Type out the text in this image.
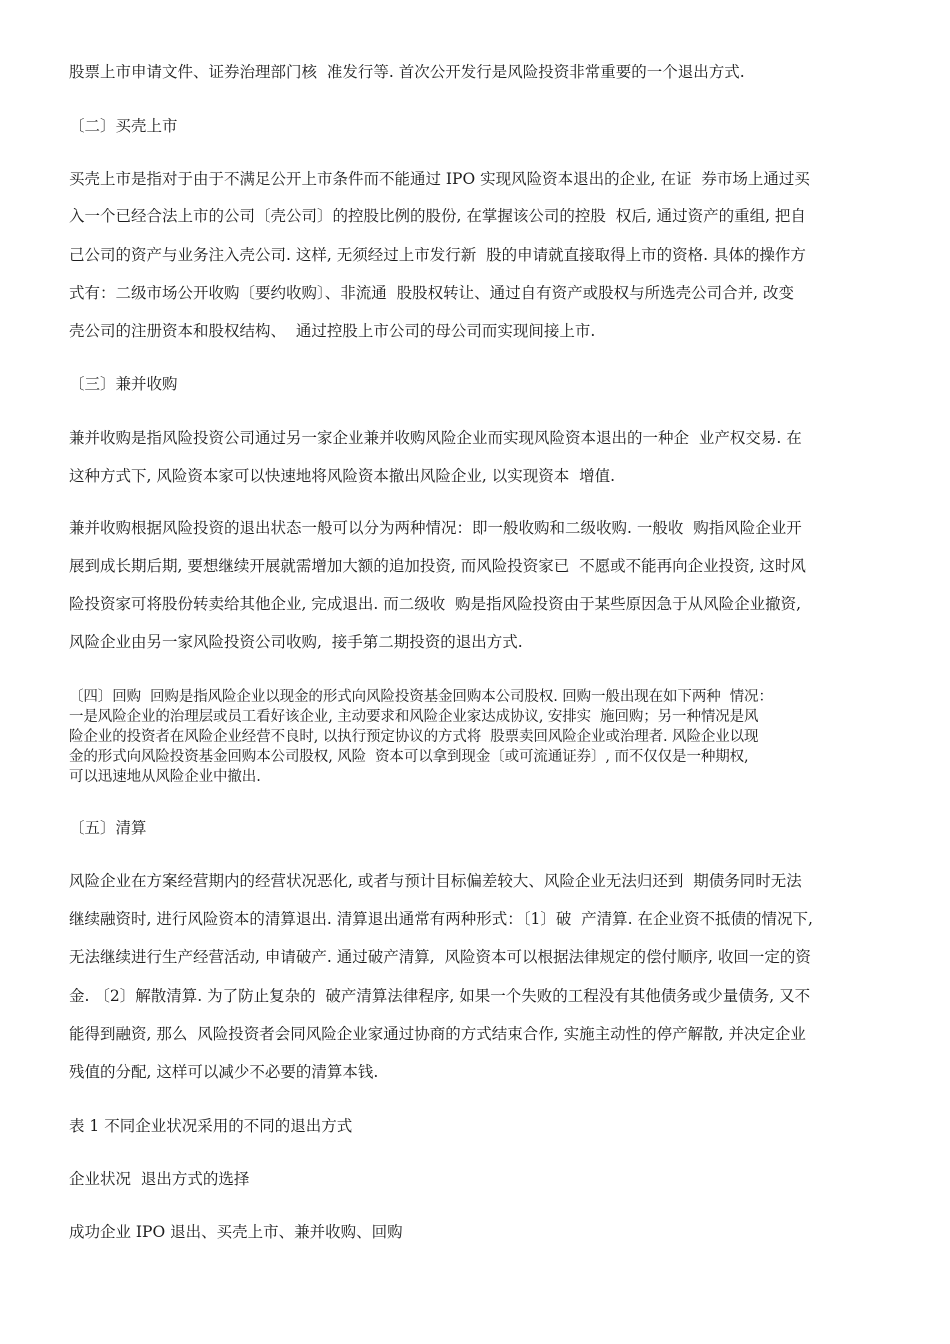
股票上市申请文件、证券治理部门核  准发行等. 首次公开发行是风险投资非常重要的一个退出方式.
〔二〕买壳上市
买壳上市是指对于由于不满足公开上市条件而不能通过 IPO 实现风险资本退出的企业, 在证  券市场上通过买
入一个已经合法上市的公司〔壳公司〕的控股比例的股份, 在掌握该公司的控股  权后, 通过资产的重组, 把自
己公司的资产与业务注入壳公司. 这样, 无须经过上市发行新  股的申请就直接取得上市的资格. 具体的操作方
式有：二级市场公开收购〔要约收购〕、非流通  股股权转让、通过自有资产或股权与所选壳公司合并, 改变
壳公司的注册资本和股权结构、  通过控股上市公司的母公司而实现间接上市.
〔三〕兼并收购
兼并收购是指风险投资公司通过另一家企业兼并收购风险企业而实现风险资本退出的一种企  业产权交易. 在
这种方式下, 风险资本家可以快速地将风险资本撤出风险企业, 以实现资本  增值.
兼并收购根据风险投资的退出状态一般可以分为两种情况：即一般收购和二级收购. 一般收  购指风险企业开
展到成长期后期, 要想继续开展就需增加大额的追加投资, 而风险投资家已  不愿或不能再向企业投资, 这时风
险投资家可将股份转卖给其他企业, 完成退出. 而二级收  购是指风险投资由于某些原因急于从风险企业撤资,
风险企业由另一家风险投资公司收购,  接手第二期投资的退出方式.
〔四〕回购  回购是指风险企业以现金的形式向风险投资基金回购本公司股权. 回购一般出现在如下两种  情况：
一是风险企业的治理层或员工看好该企业, 主动要求和风险企业家达成协议, 安排实  施回购；另一种情况是风
险企业的投资者在风险企业经营不良时, 以执行预定协议的方式将  股票卖回风险企业或治理者. 风险企业以现
金的形式向风险投资基金回购本公司股权, 风险  资本可以拿到现金〔或可流通证券〕, 而不仅仅是一种期权,
可以迅速地从风险企业中撤出.
〔五〕清算
风险企业在方案经营期内的经营状况恶化, 或者与预计目标偏差较大、风险企业无法归还到  期债务同时无法
继续融资时, 进行风险资本的清算退出. 清算退出通常有两种形式：〔1〕破  产清算. 在企业资不抵债的情况下,
无法继续进行生产经营活动, 申请破产. 通过破产清算,  风险资本可以根据法律规定的偿付顺序, 收回一定的资
金. 〔2〕解散清算. 为了防止复杂的  破产清算法律程序, 如果一个失败的工程没有其他债务或少量债务, 又不
能得到融资, 那么  风险投资者会同风险企业家通过协商的方式结束合作, 实施主动性的停产解散, 并决定企业
残值的分配, 这样可以减少不必要的清算本钱.
表 1 不同企业状况采用的不同的退出方式
企业状况  退出方式的选择
成功企业 IPO 退出、买壳上市、兼并收购、回购
